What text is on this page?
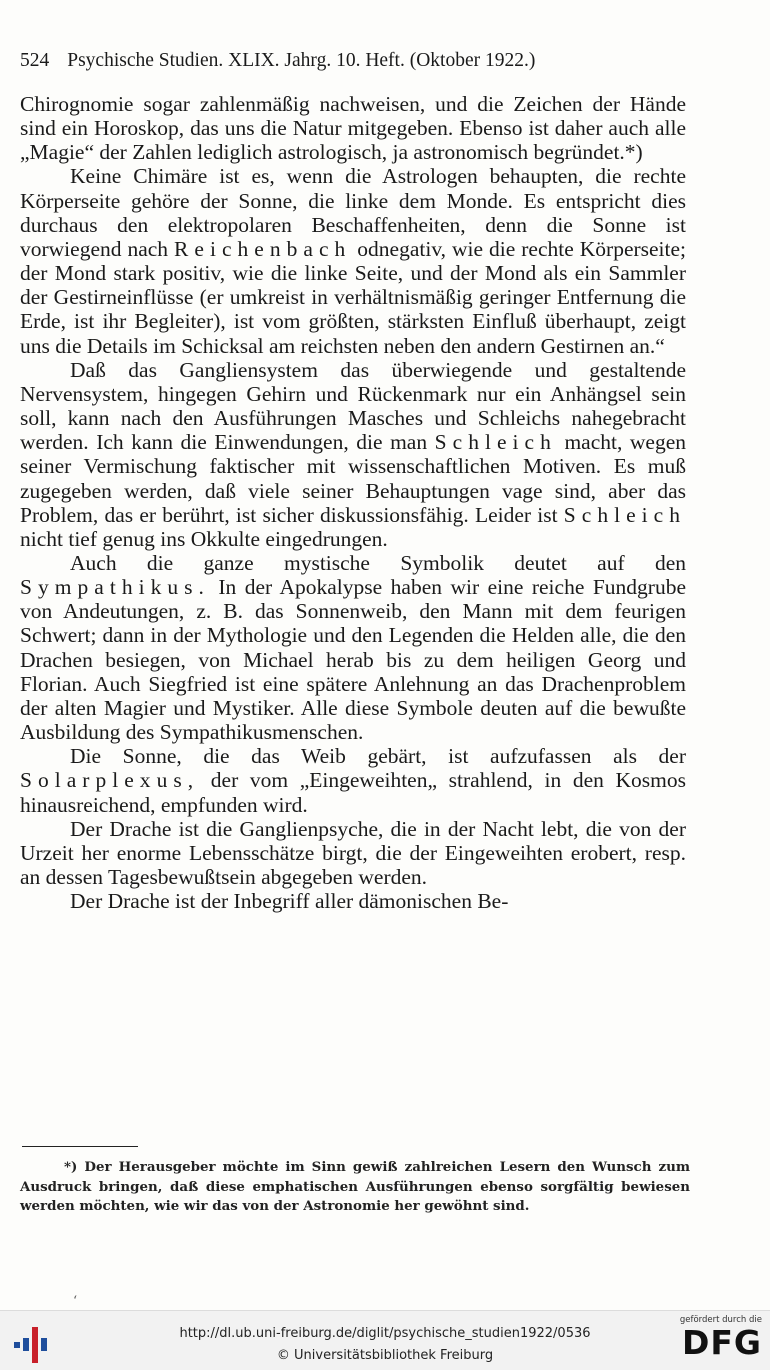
524 Psychische Studien. XLIX. Jahrg. 10. Heft. (Oktober 1922.)

Chirognomie sogar zahlenmäßig nachweisen, und die Zeichen der Hände sind ein Horoskop, das uns die Natur mitgegeben. Ebenso ist daher auch alle „Magie“ der Zahlen lediglich astrologisch, ja astronomisch begründet.*)

Keine Chimäre ist es, wenn die Astrologen behaupten, die rechte Körperseite gehöre der Sonne, die linke dem Monde. Es entspricht dies durchaus den elektropolaren Beschaffenheiten, denn die Sonne ist vorwiegend nach Reichenbach odnegativ, wie die rechte Körperseite; der Mond stark positiv, wie die linke Seite, und der Mond als ein Sammler der Gestirneinflüsse (er umkreist in verhältnismäßig geringer Entfernung die Erde, ist ihr Begleiter), ist vom größten, stärksten Einfluß überhaupt, zeigt uns die Details im Schicksal am reichsten neben den andern Gestirnen an.“

Daß das Gangliensystem das überwiegende und gestaltende Nervensystem, hingegen Gehirn und Rückenmark nur ein Anhängsel sein soll, kann nach den Ausführungen Masches und Schleichs nahegebracht werden. Ich kann die Einwendungen, die man Schleich macht, wegen seiner Vermischung faktischer mit wissenschaftlichen Motiven. Es muß zugegeben werden, daß viele seiner Behauptungen vage sind, aber das Problem, das er berührt, ist sicher diskussionsfähig. Leider ist Schleich nicht tief genug ins Okkulte eingedrungen.

Auch die ganze mystische Symbolik deutet auf den Sympathikus. In der Apokalypse haben wir eine reiche Fundgrube von Andeutungen, z. B. das Sonnenweib, den Mann mit dem feurigen Schwert; dann in der Mythologie und den Legenden die Helden alle, die den Drachen besiegen, von Michael herab bis zu dem heiligen Georg und Florian. Auch Siegfried ist eine spätere Anlehnung an das Drachenproblem der alten Magier und Mystiker. Alle diese Symbole deuten auf die bewußte Ausbildung des Sympathikusmenschen.

Die Sonne, die das Weib gebärt, ist aufzufassen als der Solarplexus, der vom „Eingeweihten„ strahlend, in den Kosmos hinausreichend, empfunden wird.

Der Drache ist die Ganglienpsyche, die in der Nacht lebt, die von der Urzeit her enorme Lebensschätze birgt, die der Eingeweihten erobert, resp. an dessen Tagesbewußtsein abgegeben werden.

Der Drache ist der Inbegriff aller dämonischen Be-

*) Der Herausgeber möchte im Sinn gewiß zahlreichen Lesern den Wunsch zum Ausdruck bringen, daß diese emphatischen Ausführungen ebenso sorgfältig bewiesen werden möchten, wie wir das von der Astronomie her gewöhnt sind.
ʻ
http://dl.ub.uni-freiburg.de/diglit/psychische_studien1922/0536
© Universitätsbibliothek Freiburg
gefördert durch die
DFG
